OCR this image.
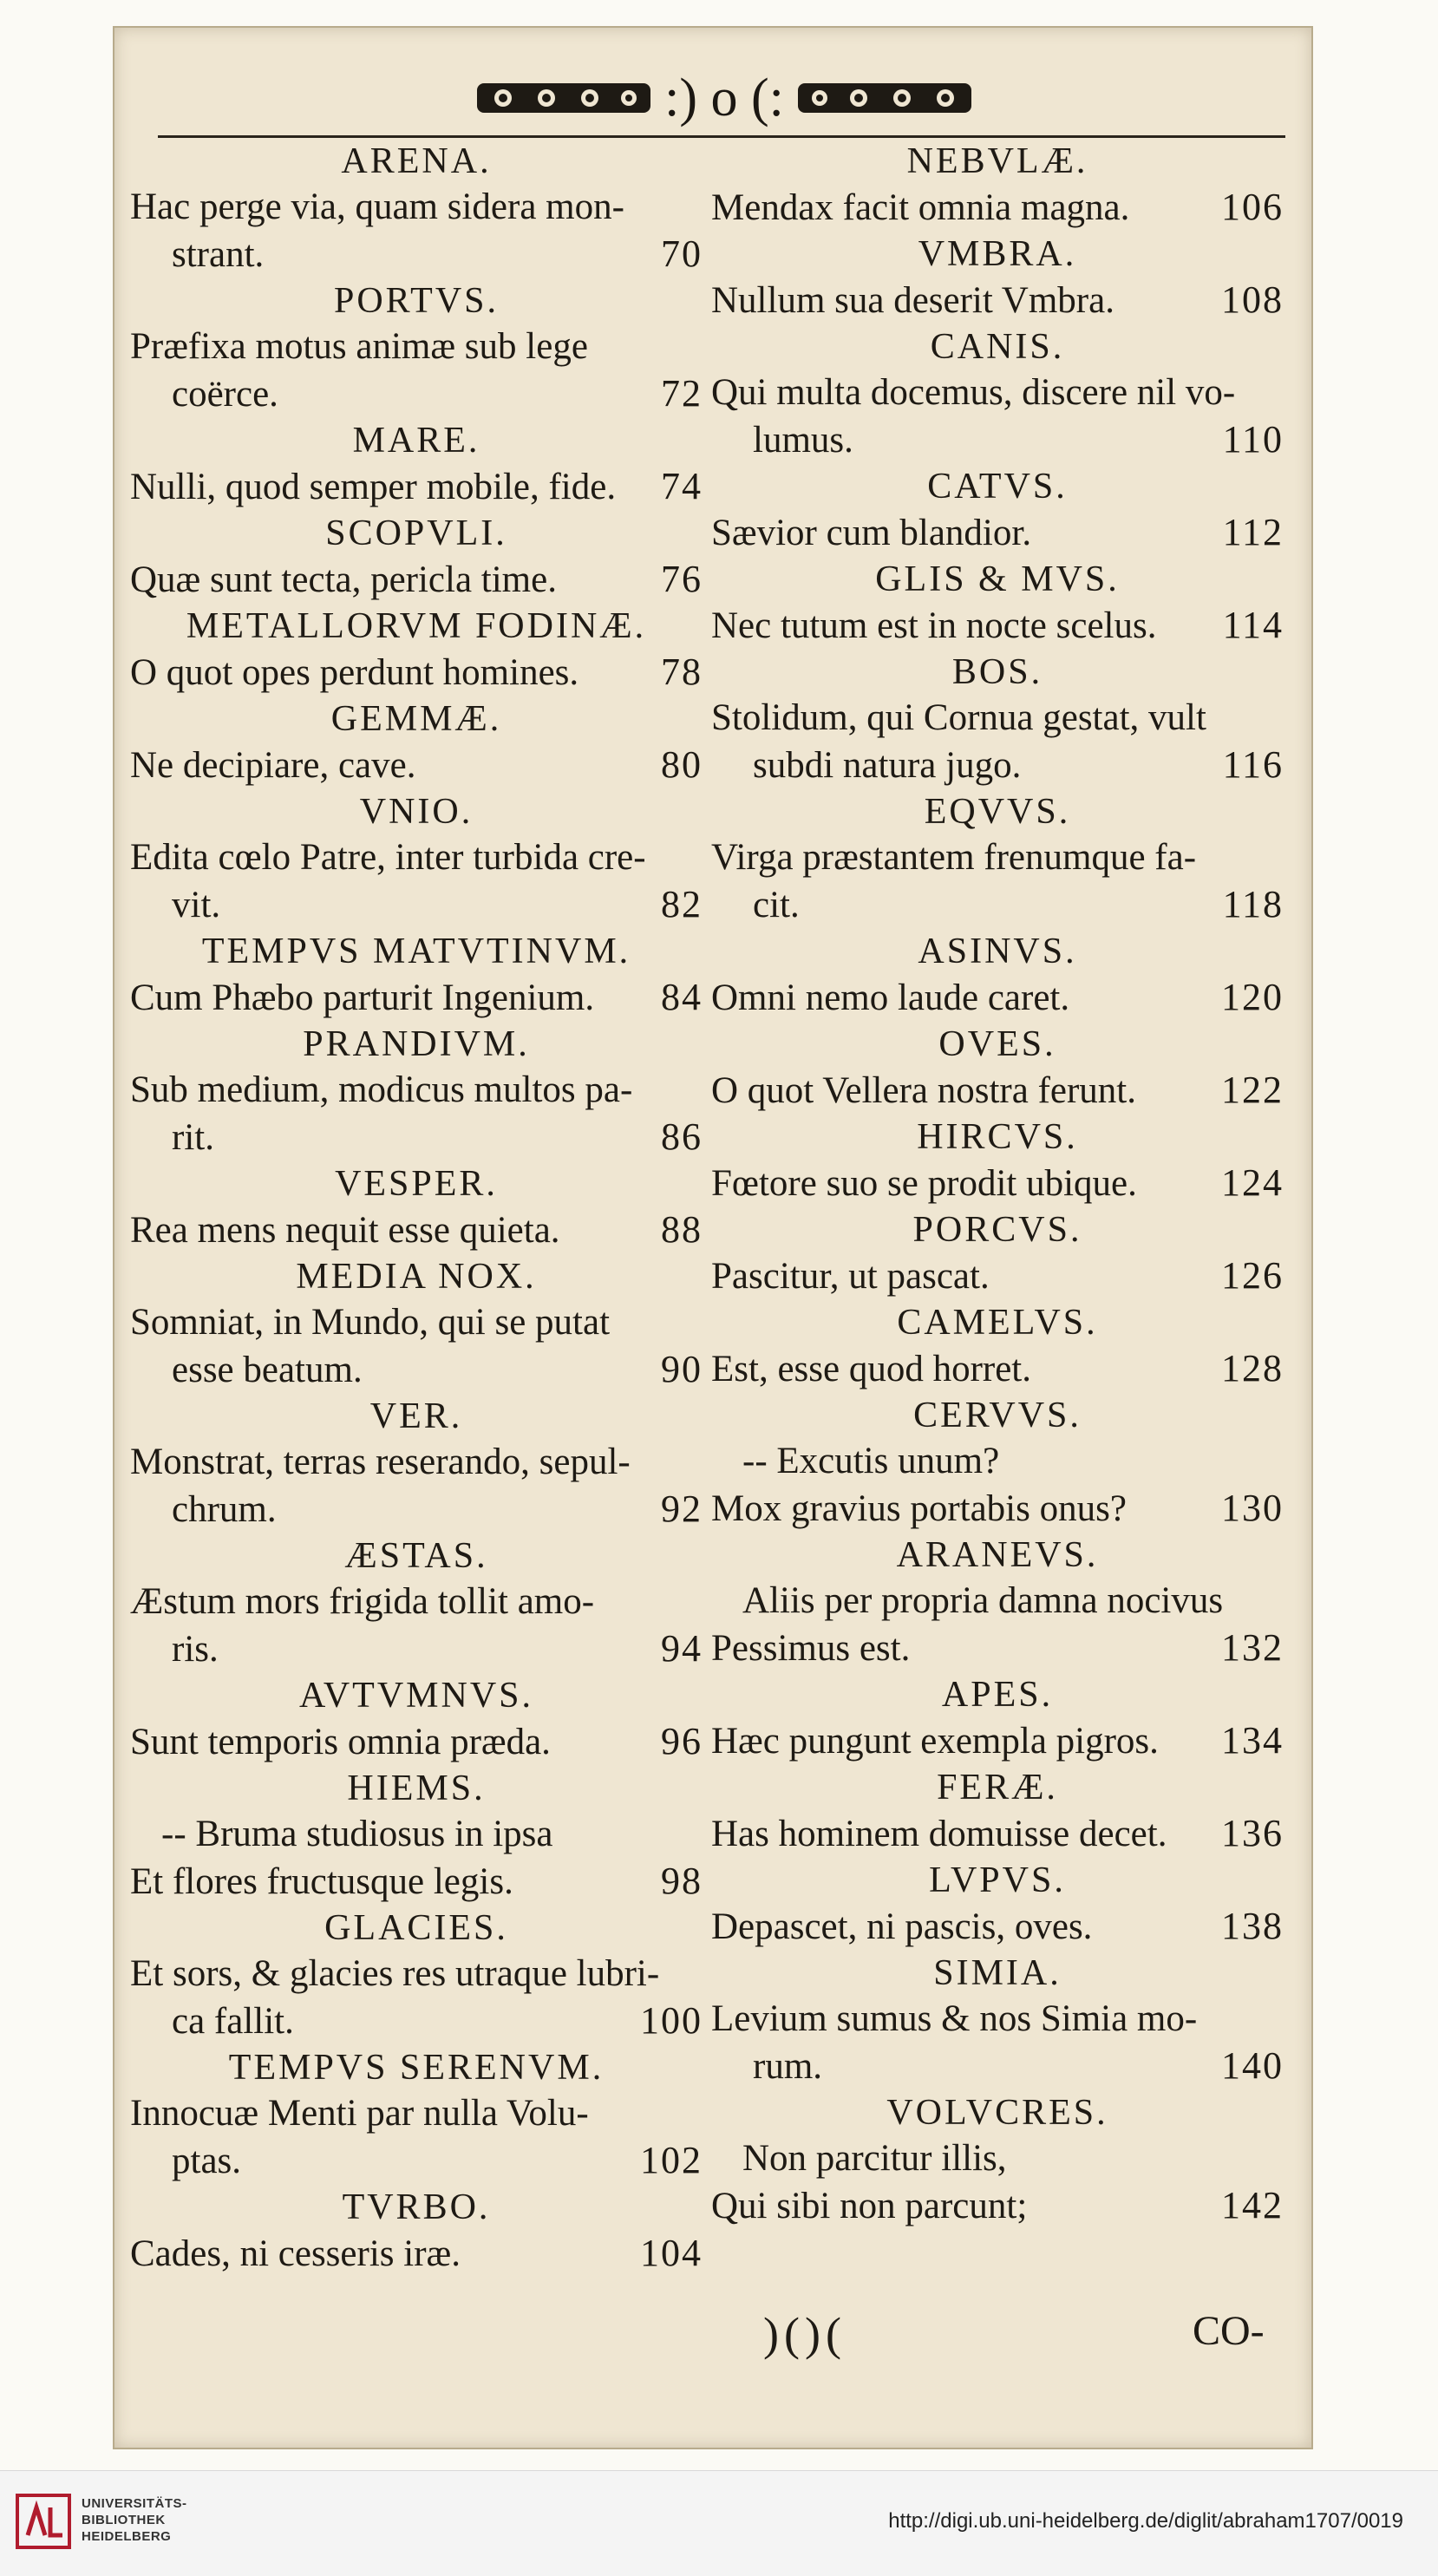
:) o (:
ARENA.
Hac perge via, quam sidera mon-
strant.	70
PORTVS.
Præfixa motus animæ sub lege
coërce.	72
MARE.
Nulli, quod semper mobile, fide. 74
SCOPVLI.
Quæ sunt tecta, pericla time.	76
METALLORVM FODINÆ.
O quot opes perdunt homines. 78
GEMMÆ.
Ne decipiare, cave.	80
VNIO.
Edita cœlo Patre, inter turbida cre-
vit.	82
TEMPVS MATVTINVM.
Cum Phæbo parturit Ingenium. 84
PRANDIVM.
Sub medium, modicus multos pa-
rit.	86
VESPER.
Rea mens nequit esse quieta.	88
MEDIA NOX.
Somniat, in Mundo, qui se putat
esse beatum.	90
VER.
Monstrat, terras reserando, sepul-
chrum.	92
ÆSTAS.
Æstum mors frigida tollit amo-
ris.	94
AVTVMNVS.
Sunt temporis omnia præda.	96
HIEMS.
-- Bruma studiosus in ipsa
Et flores fructusque legis.	98
GLACIES.
Et sors, & glacies res utraque lubri-
ca fallit.	100
TEMPVS SERENVM.
Innocuæ Menti par nulla Volu-
ptas.	102
TVRBO.
Cades, ni cesseris iræ.	104
NEBVLÆ.
Mendax facit omnia magna. 106
VMBRA.
Nullum sua deserit Vmbra.	108
CANIS.
Qui multa docemus, discere nil vo-
lumus.	110
CATVS.
Sævior cum blandior.	112
GLIS & MVS.
Nec tutum est in nocte scelus. 114
BOS.
Stolidum, qui Cornua gestat, vult
subdi natura jugo.	116
EQVVS.
Virga præstantem frenumque fa-
cit.	118
ASINVS.
Omni nemo laude caret.	120
OVES.
O quot Vellera nostra ferunt. 122
HIRCVS.
Fœtore suo se prodit ubique. 124
PORCVS.
Pascitur, ut pascat.	126
CAMELVS.
Est, esse quod horret.	128
CERVVS.
-- Excutis unum?
Mox gravius portabis onus? 130
ARANEVS.
Aliis per propria damna nocivus
Pessimus est.	132
APES.
Hæc pungunt exempla pigros. 134
FERÆ.
Has hominem domuisse decet. 136
LVPVS.
Depascet, ni pascis, oves.	138
SIMIA.
Levium sumus & nos Simia mo-
rum.	140
VOLVCRES.
Non parcitur illis,
Qui sibi non parcunt;	142
)()(	CO-
UNIVERSITÄTS-
BIBLIOTHEK
HEIDELBERG
http://digi.ub.uni-heidelberg.de/diglit/abraham1707/0019
